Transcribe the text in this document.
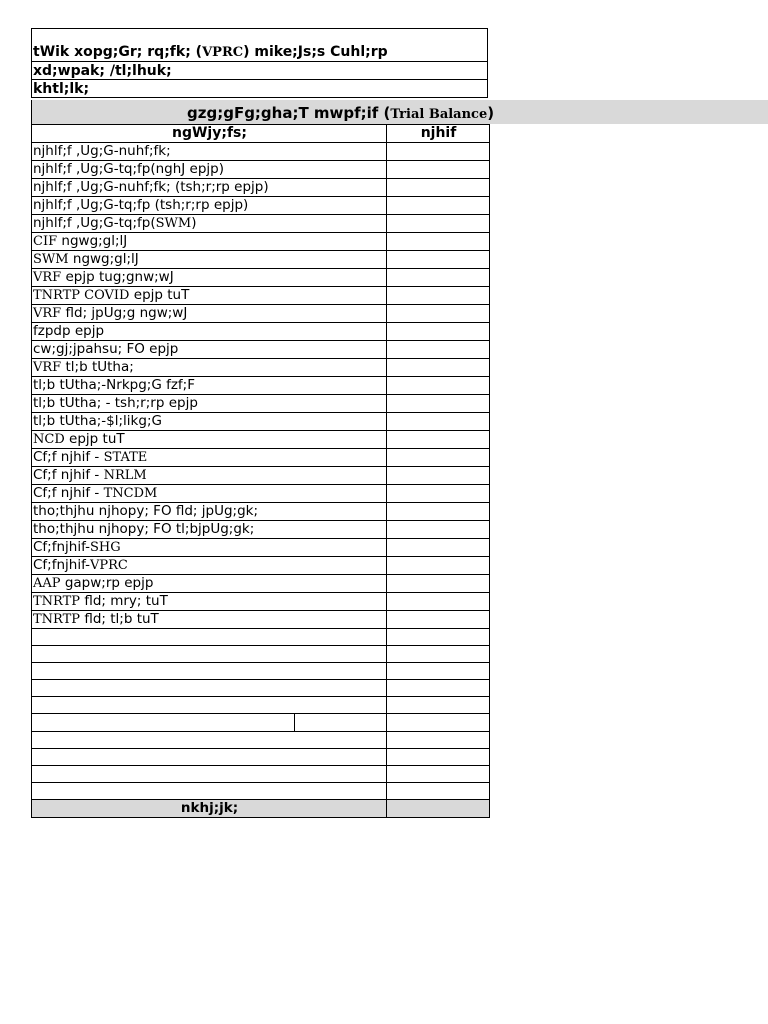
tWik xopg;Gr; rq;fk; (VPRC) mike;Js;s Cuhl;rp
xd;wpak; /tl;lhuk;
khtl;lk;
gzg;gFg;gha;T mwpf;if (Trial Balance)
ngWjy;fs;	njhif
njhlf;f ,Ug;G-nuhf;fk;	
njhlf;f ,Ug;G-tq;fp(nghJ epjp)	
njhlf;f ,Ug;G-nuhf;fk; (tsh;r;rp epjp)	
njhlf;f ,Ug;G-tq;fp (tsh;r;rp epjp)	
njhlf;f ,Ug;G-tq;fp(SWM)	
CIF ngwg;gl;lJ	
SWM ngwg;gl;lJ	
VRF epjp tug;gnw;wJ	
TNRTP COVID epjp tuT	
VRF fld; jpUg;g ngw;wJ	
fzpdp epjp	
cw;gj;jpahsu; FO epjp	
VRF tl;b tUtha;	
tl;b tUtha;-Nrkpg;G fzf;F	
tl;b tUtha; - tsh;r;rp epjp	
tl;b tUtha;-$l;likg;G	
NCD epjp tuT	
Cf;f njhif - STATE	
Cf;f njhif - NRLM	
Cf;f njhif - TNCDM	
tho;thjhu njhopy; FO fld; jpUg;gk;	
tho;thjhu njhopy; FO tl;bjpUg;gk;	
Cf;fnjhif-SHG	
Cf;fnjhif-VPRC	
AAP gapw;rp epjp	
TNRTP fld; mry; tuT	
TNRTP fld; tl;b tuT	

nkhj;jk;	
